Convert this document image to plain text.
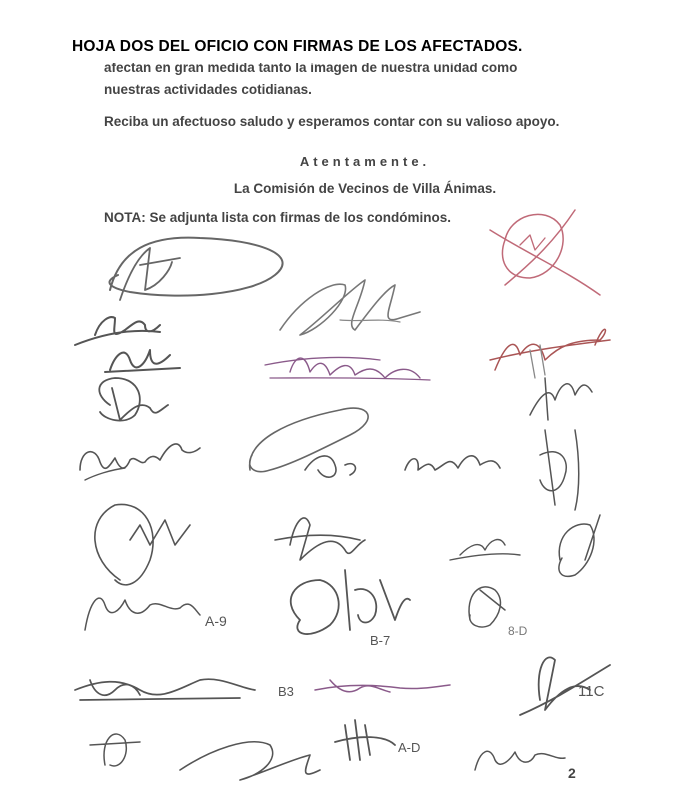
HOJA DOS DEL OFICIO CON FIRMAS DE LOS AFECTADOS.
afectan en gran medida tanto la imagen de nuestra unidad como
nuestras actividades cotidianas.
Reciba un afectuoso saludo y esperamos contar con su valioso apoyo.
Atentamente.
La Comisión de Vecinos de Villa Ánimas.
NOTA: Se adjunta lista con firmas de los condóminos.
A-9
B-7
8-D
B3	11C
A-D
2
